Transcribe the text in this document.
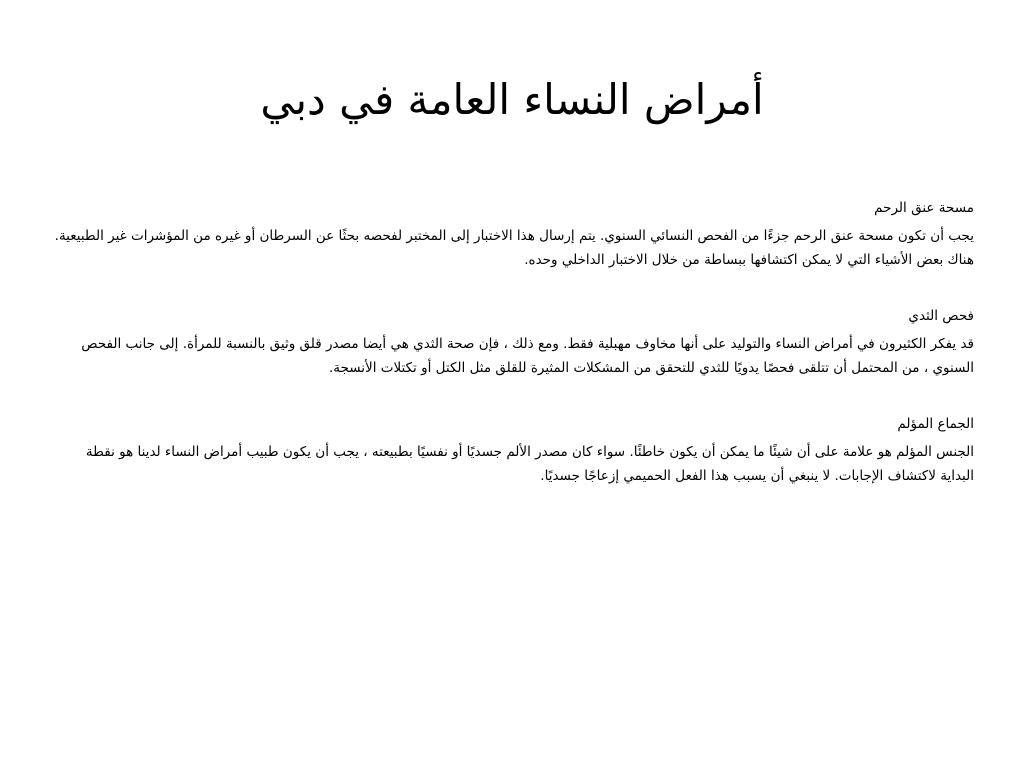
أمراض النساء العامة في دبي

مسحة عنق الرحم

يجب أن تكون مسحة عنق الرحم جزءًا من الفحص النسائي السنوي. يتم إرسال هذا الاختبار إلى المختبر لفحصه بحثًا عن السرطان أو غيره من المؤشرات غير الطبيعية. هناك بعض الأشياء التي لا يمكن اكتشافها ببساطة من خلال الاختبار الداخلي وحده.

فحص الثدي

قد يفكر الكثيرون في أمراض النساء والتوليد على أنها مخاوف مهبلية فقط. ومع ذلك ، فإن صحة الثدي هي أيضا مصدر قلق وثيق بالنسبة للمرأة. إلى جانب الفحص السنوي ، من المحتمل أن تتلقى فحصًا يدويًا للثدي للتحقق من المشكلات المثيرة للقلق مثل الكتل أو تكتلات الأنسجة.

الجماع المؤلم

الجنس المؤلم هو علامة على أن شيئًا ما يمكن أن يكون خاطئًا. سواء كان مصدر الألم جسديًا أو نفسيًا بطبيعته ، يجب أن يكون طبيب أمراض النساء لدينا هو نقطة البداية لاكتشاف الإجابات. لا ينبغي أن يسبب هذا الفعل الحميمي إزعاجًا جسديًا.
